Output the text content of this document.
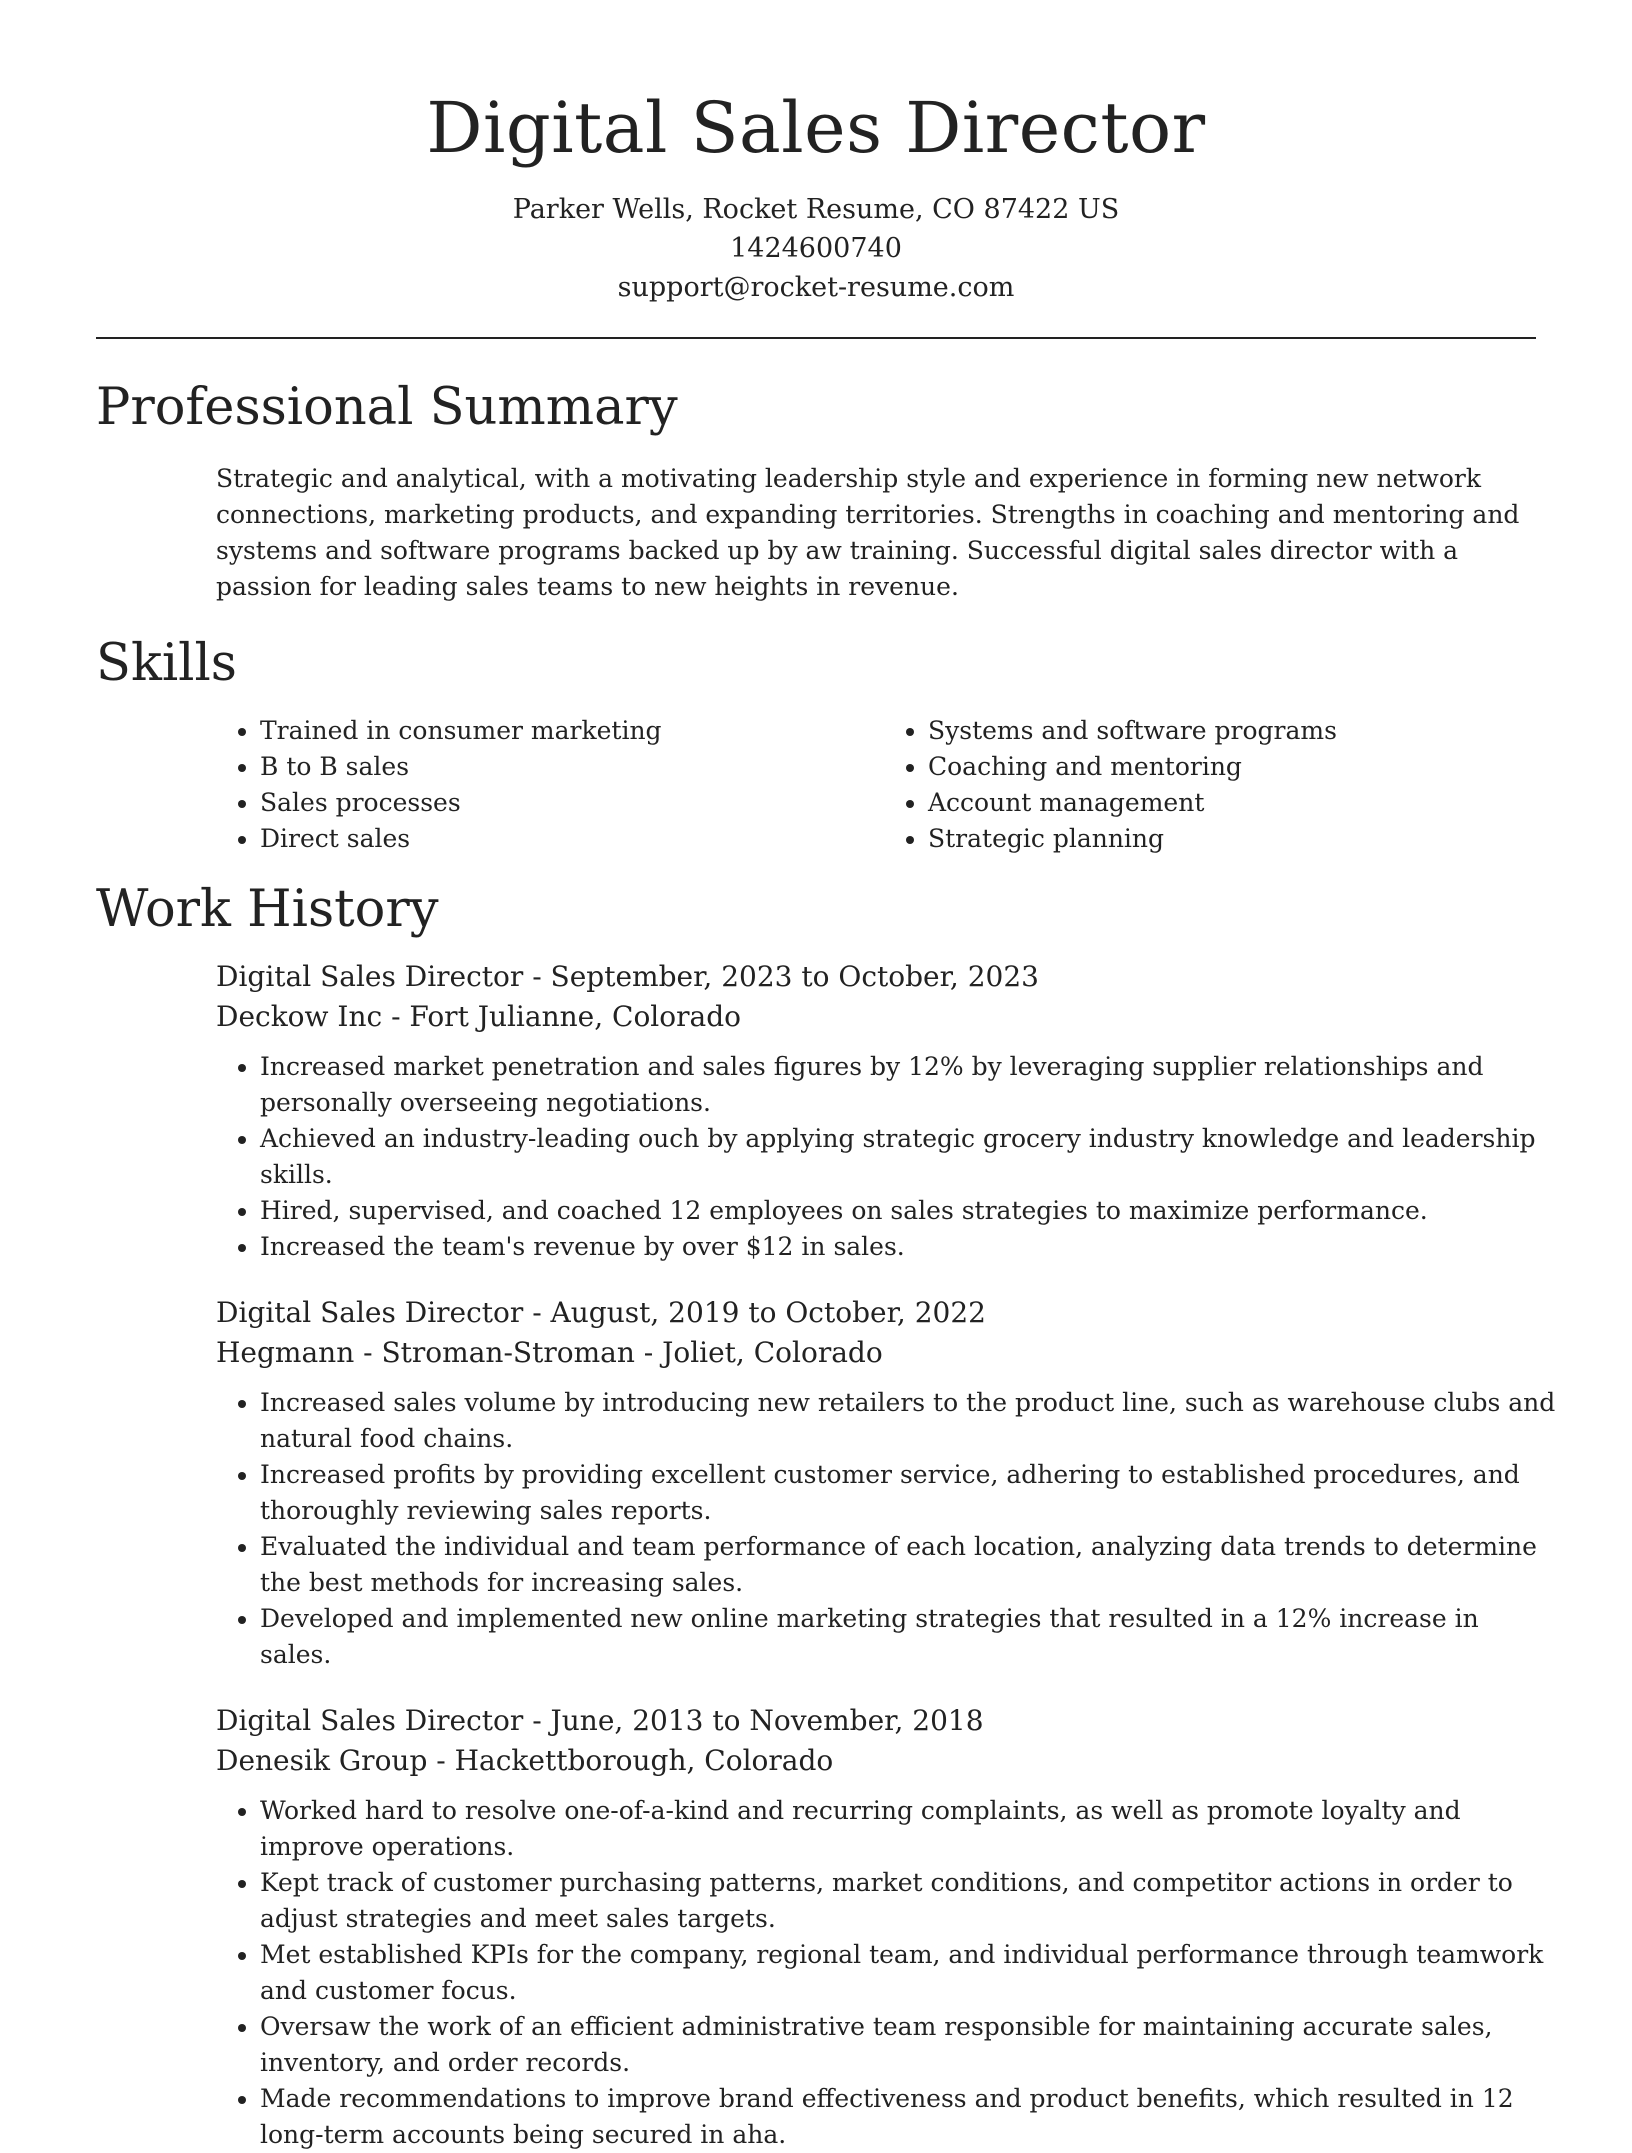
Digital Sales Director
Parker Wells, Rocket Resume, CO 87422 US
1424600740
support@rocket-resume.com
Professional Summary

Strategic and analytical, with a motivating leadership style and experience in forming new network connections, marketing products, and expanding territories. Strengths in coaching and mentoring and systems and software programs backed up by aw training. Successful digital sales director with a passion for leading sales teams to new heights in revenue.

Skills
• Trained in consumer marketing
• B to B sales
• Sales processes
• Direct sales
• Systems and software programs
• Coaching and mentoring
• Account management
• Strategic planning
Work History
Digital Sales Director - September, 2023 to October, 2023
Deckow Inc - Fort Julianne, Colorado
• Increased market penetration and sales figures by 12% by leveraging supplier relationships and personally overseeing negotiations.
• Achieved an industry-leading ouch by applying strategic grocery industry knowledge and leadership skills.
• Hired, supervised, and coached 12 employees on sales strategies to maximize performance.
• Increased the team's revenue by over $12 in sales.
Digital Sales Director - August, 2019 to October, 2022
Hegmann - Stroman-Stroman - Joliet, Colorado
• Increased sales volume by introducing new retailers to the product line, such as warehouse clubs and natural food chains.
• Increased profits by providing excellent customer service, adhering to established procedures, and thoroughly reviewing sales reports.
• Evaluated the individual and team performance of each location, analyzing data trends to determine the best methods for increasing sales.
• Developed and implemented new online marketing strategies that resulted in a 12% increase in sales.
Digital Sales Director - June, 2013 to November, 2018
Denesik Group - Hackettborough, Colorado
• Worked hard to resolve one-of-a-kind and recurring complaints, as well as promote loyalty and improve operations.
• Kept track of customer purchasing patterns, market conditions, and competitor actions in order to adjust strategies and meet sales targets.
• Met established KPIs for the company, regional team, and individual performance through teamwork and customer focus.
• Oversaw the work of an efficient administrative team responsible for maintaining accurate sales, inventory, and order records.
• Made recommendations to improve brand effectiveness and product benefits, which resulted in 12 long-term accounts being secured in aha.
